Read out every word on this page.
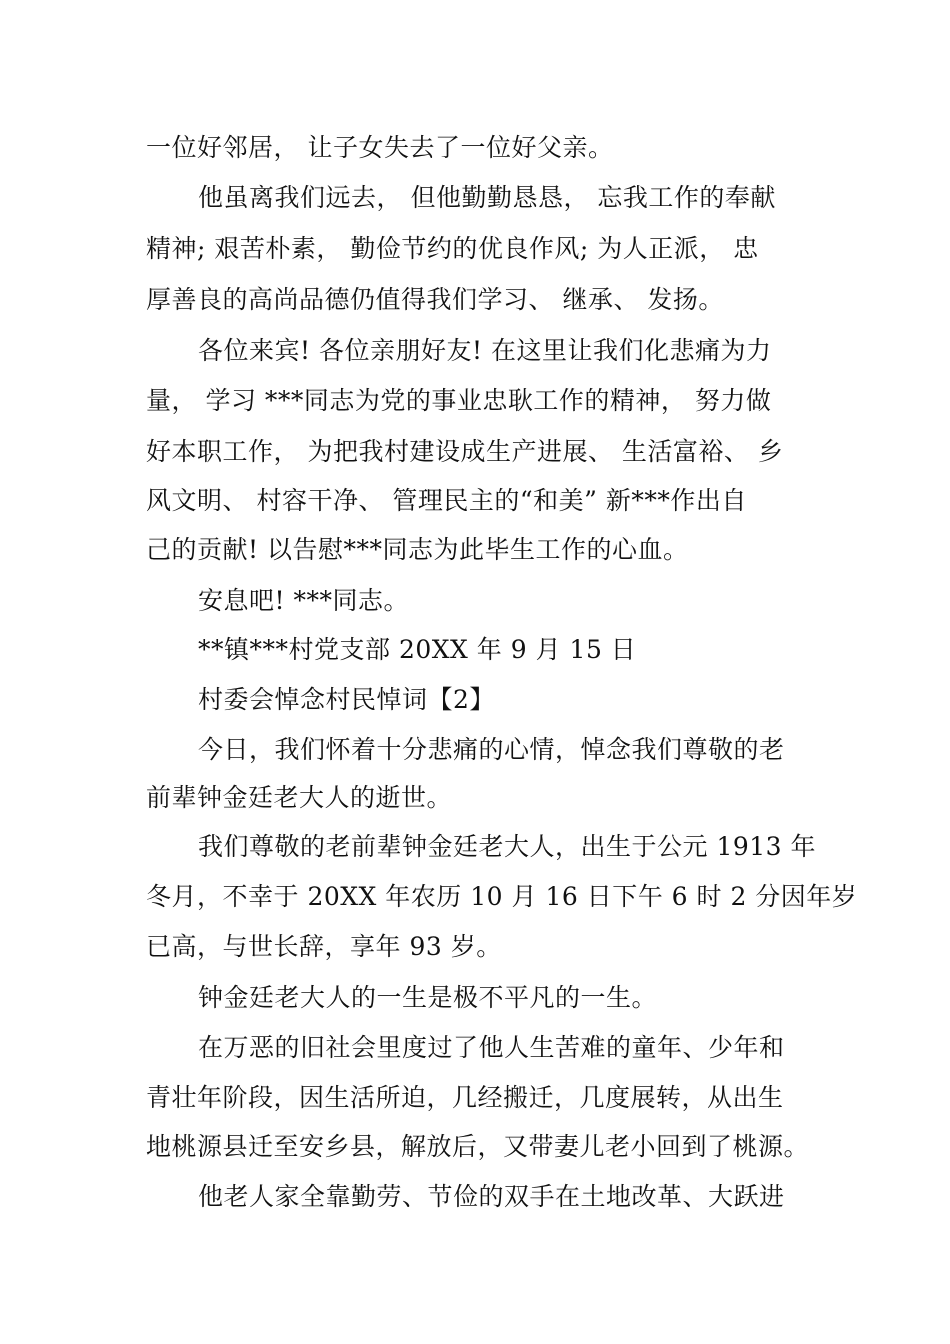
一位好邻居， 让子女失去了一位好父亲。
他虽离我们远去， 但他勤勤恳恳， 忘我工作的奉献
精神; 艰苦朴素， 勤俭节约的优良作风; 为人正派， 忠
厚善良的高尚品德仍值得我们学习、 继承、 发扬。
各位来宾! 各位亲朋好友! 在这里让我们化悲痛为力
量， 学习 ***同志为党的事业忠耿工作的精神， 努力做
好本职工作， 为把我村建设成生产进展、 生活富裕、 乡
风文明、 村容干净、 管理民主的“和美” 新***作出自
己的贡献! 以告慰***同志为此毕生工作的心血。
安息吧! ***同志。
**镇***村党支部 20XX 年 9 月 15 日
村委会悼念村民悼词【2】
今日，我们怀着十分悲痛的心情，悼念我们尊敬的老
前辈钟金廷老大人的逝世。
我们尊敬的老前辈钟金廷老大人，出生于公元 1913 年
冬月，不幸于 20XX 年农历 10 月 16 日下午 6 时 2 分因年岁
已高，与世长辞，享年 93 岁。
钟金廷老大人的一生是极不平凡的一生。
在万恶的旧社会里度过了他人生苦难的童年、少年和
青壮年阶段，因生活所迫，几经搬迁，几度展转，从出生
地桃源县迁至安乡县，解放后，又带妻儿老小回到了桃源。
他老人家全靠勤劳、节俭的双手在土地改革、大跃进
